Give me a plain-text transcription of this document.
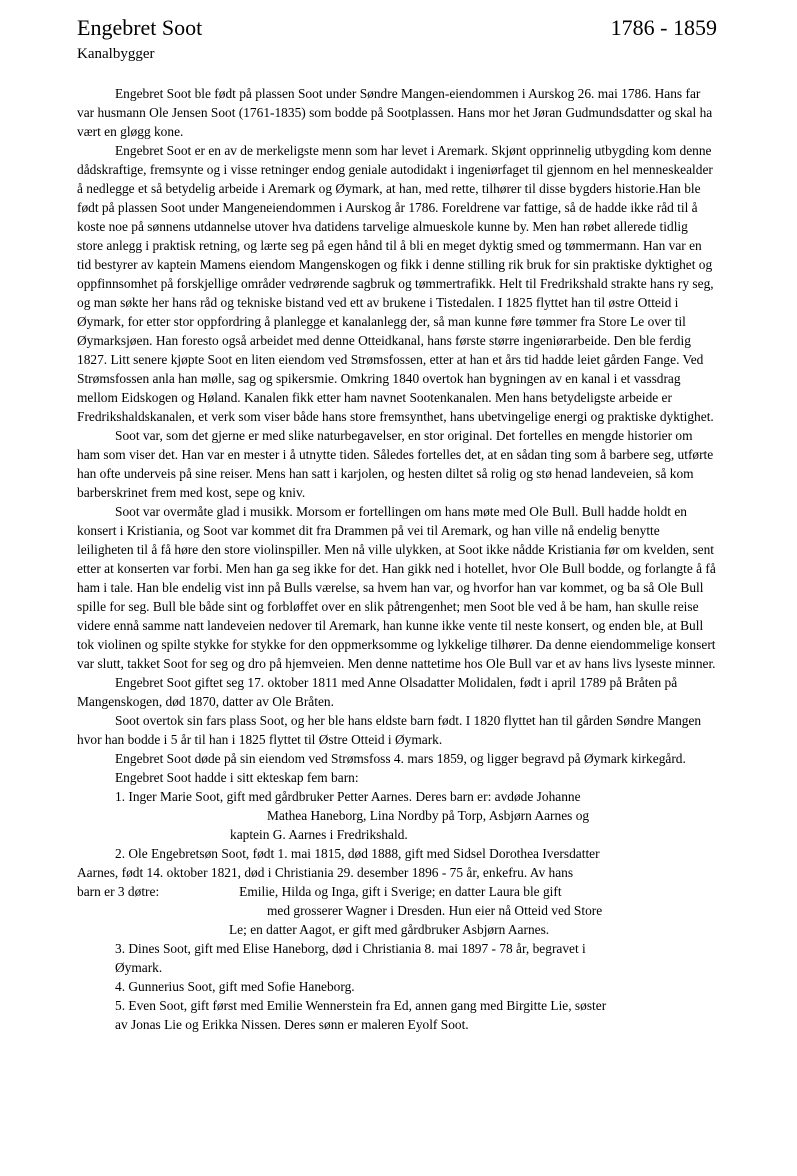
Engebret Soot	1786 - 1859
Kanalbygger

Engebret Soot ble født på plassen Soot under Søndre Mangen-eiendommen i Aurskog 26. mai 1786. Hans far var husmann Ole Jensen Soot (1761-1835) som bodde på Sootplassen. Hans mor het Jøran Gudmundsdatter og skal ha vært en gløgg kone.

Engebret Soot er en av de merkeligste menn som har levet i Aremark. Skjønt opprinnelig utbygding kom denne dådskraftige, fremsynte og i visse retninger endog geniale autodidakt i ingeniørfaget til gjennom en hel menneskealder å nedlegge et så betydelig arbeide i Aremark og Øymark, at han, med rette, tilhører til disse bygders historie.Han ble født på plassen Soot under Mangeneiendommen i Aurskog år 1786. Foreldrene var fattige, så de hadde ikke råd til å koste noe på sønnens utdannelse utover hva datidens tarvelige almueskole kunne by. Men han røbet allerede tidlig store anlegg i praktisk retning, og lærte seg på egen hånd til å bli en meget dyktig smed og tømmermann. Han var en tid bestyrer av kaptein Mamens eiendom Mangenskogen og fikk i denne stilling rik bruk for sin praktiske dyktighet og oppfinnsomhet på forskjellige områder vedrørende sagbruk og tømmertrafikk. Helt til Fredrikshald strakte hans ry seg, og man søkte her hans råd og tekniske bistand ved ett av brukene i Tistedalen. I 1825 flyttet han til østre Otteid i Øymark, for etter stor oppfordring å planlegge et kanalanlegg der, så man kunne føre tømmer fra Store Le over til Øymarksjøen. Han foresto også arbeidet med denne Otteidkanal, hans første større ingeniørarbeide. Den ble ferdig 1827. Litt senere kjøpte Soot en liten eiendom ved Strømsfossen, etter at han et års tid hadde leiet gården Fange. Ved Strømsfossen anla han mølle, sag og spikersmie. Omkring 1840 overtok han bygningen av en kanal i et vassdrag mellom Eidskogen og Høland. Kanalen fikk etter ham navnet Sootenkanalen. Men hans betydeligste arbeide er Fredrikshaldskanalen, et verk som viser både hans store fremsynthet, hans ubetvingelige energi og praktiske dyktighet.

Soot var, som det gjerne er med slike naturbegavelser, en stor original. Det fortelles en mengde historier om ham som viser det. Han var en mester i å utnytte tiden. Således fortelles det, at en sådan ting som å barbere seg, utførte han ofte underveis på sine reiser. Mens han satt i karjolen, og hesten diltet så rolig og stø henad landeveien, så kom barberskrinet frem med kost, sepe og kniv.

Soot var overmåte glad i musikk. Morsom er fortellingen om hans møte med Ole Bull. Bull hadde holdt en konsert i Kristiania, og Soot var kommet dit fra Drammen på vei til Aremark, og han ville nå endelig benytte leiligheten til å få høre den store violinspiller. Men nå ville ulykken, at Soot ikke nådde Kristiania før om kvelden, sent etter at konserten var forbi. Men han ga seg ikke for det. Han gikk ned i hotellet, hvor Ole Bull bodde, og forlangte å få ham i tale. Han ble endelig vist inn på Bulls værelse, sa hvem han var, og hvorfor han var kommet, og ba så Ole Bull spille for seg. Bull ble både sint og forbløffet over en slik påtrengenhet; men Soot ble ved å be ham, han skulle reise videre ennå samme natt landeveien nedover til Aremark, han kunne ikke vente til neste konsert, og enden ble, at Bull tok violinen og spilte stykke for stykke for den oppmerksomme og lykkelige tilhører. Da denne eiendommelige konsert var slutt, takket Soot for seg og dro på hjemveien. Men denne nattetime hos Ole Bull var et av hans livs lyseste minner.

Engebret Soot giftet seg 17. oktober 1811 med Anne Olsadatter Molidalen, født i april 1789 på Bråten på Mangenskogen, død 1870, datter av Ole Bråten.

Soot overtok sin fars plass Soot, og her ble hans eldste barn født. I 1820 flyttet han til gården Søndre Mangen hvor han bodde i 5 år til han i 1825 flyttet til Østre Otteid i Øymark.

Engebret Soot døde på sin eiendom ved Strømsfoss 4. mars 1859, og ligger begravd på Øymark kirkegård.

Engebret Soot hadde i sitt ekteskap fem barn:

1. Inger Marie Soot, gift med gårdbruker Petter Aarnes. Deres barn er: avdøde Johanne
Mathea Haneborg, Lina Nordby på Torp, Asbjørn Aarnes og
kaptein G. Aarnes i Fredrikshald.
2. Ole Engebretsøn Soot, født 1. mai 1815, død 1888, gift med Sidsel Dorothea Iversdatter
Aarnes, født 14. oktober 1821, død i Christiania 29. desember 1896 - 75 år, enkefru. Av hans
barn er 3 døtre:	Emilie, Hilda og Inga, gift i Sverige; en datter Laura ble gift
med grosserer Wagner i Dresden. Hun eier nå Otteid ved Store
Le; en datter Aagot, er gift med gårdbruker Asbjørn Aarnes.
3. Dines Soot, gift med Elise Haneborg, død i Christiania 8. mai 1897 - 78 år, begravet i
Øymark.
4. Gunnerius Soot, gift med Sofie Haneborg.
5. Even Soot, gift først med Emilie Wennerstein fra Ed, annen gang med Birgitte Lie, søster
av Jonas Lie og Erikka Nissen. Deres sønn er maleren Eyolf Soot.
